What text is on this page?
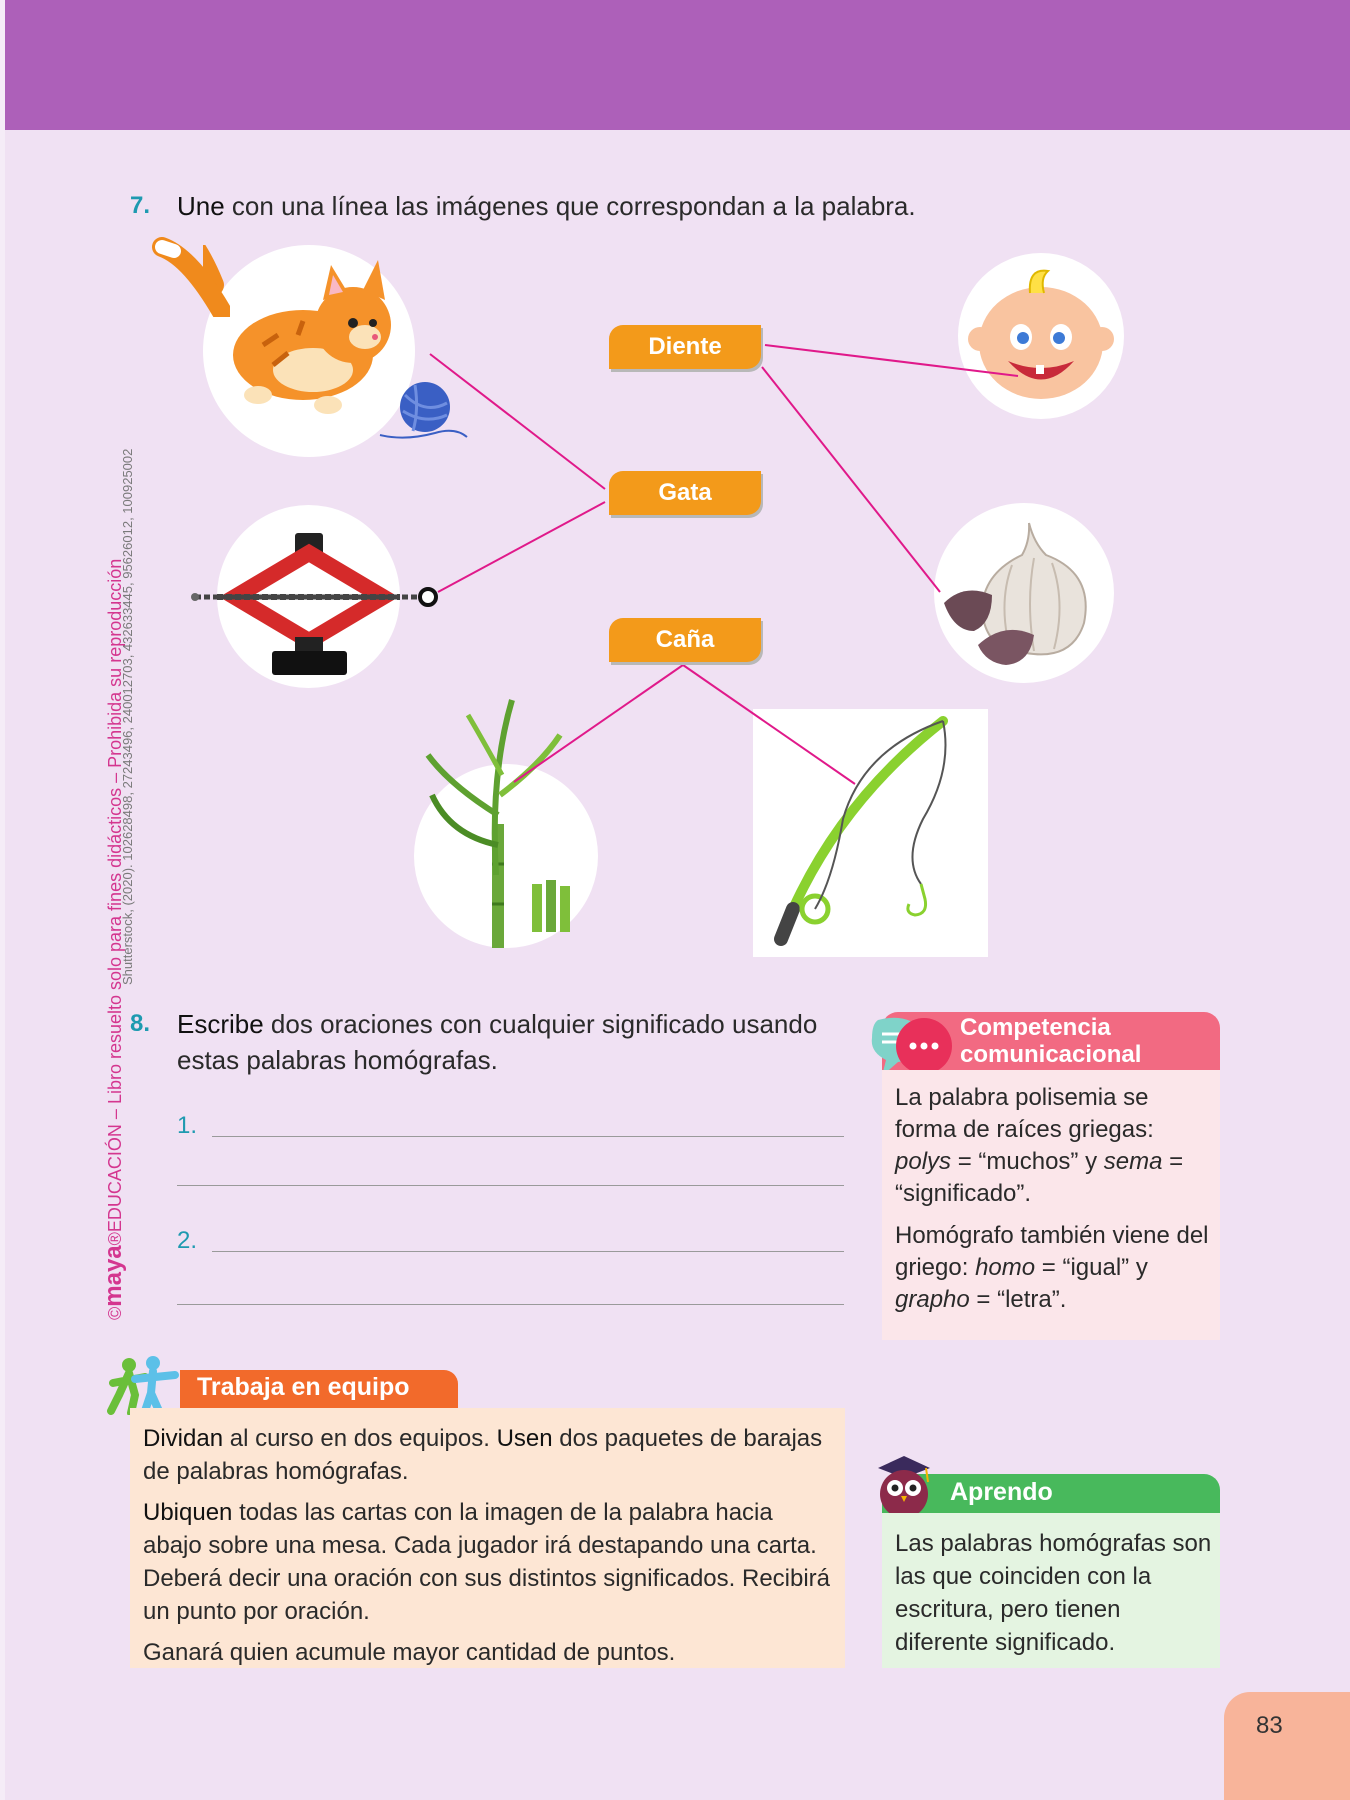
©maya®EDUCACIÓN – Libro resuelto solo para fines didácticos – Prohibida su reproducción
Shutterstock, (2020). 102628498, 27243496, 240012703, 432633445, 95626012, 100925002
7. Une con una línea las imágenes que correspondan a la palabra.
Diente
Gata
Caña
8. Escribe dos oraciones con cualquier significado usando
estas palabras homógrafas.
1.
2.
Competencia
comunicacional

La palabra polisemia se forma de raíces griegas: polys = “muchos” y sema = “significado”.

Homógrafo también viene del griego: homo = “igual” y grapho = “letra”.

Trabaja en equipo

Dividan al curso en dos equipos. Usen dos paquetes de barajas de palabras homógrafas.

Ubiquen todas las cartas con la imagen de la palabra hacia abajo sobre una mesa. Cada jugador irá destapando una carta. Deberá decir una oración con sus distintos significados. Recibirá un punto por oración.

Ganará quien acumule mayor cantidad de puntos.

Aprendo
Las palabras homógrafas son las que coinciden con la escritura, pero tienen diferente significado.
83
